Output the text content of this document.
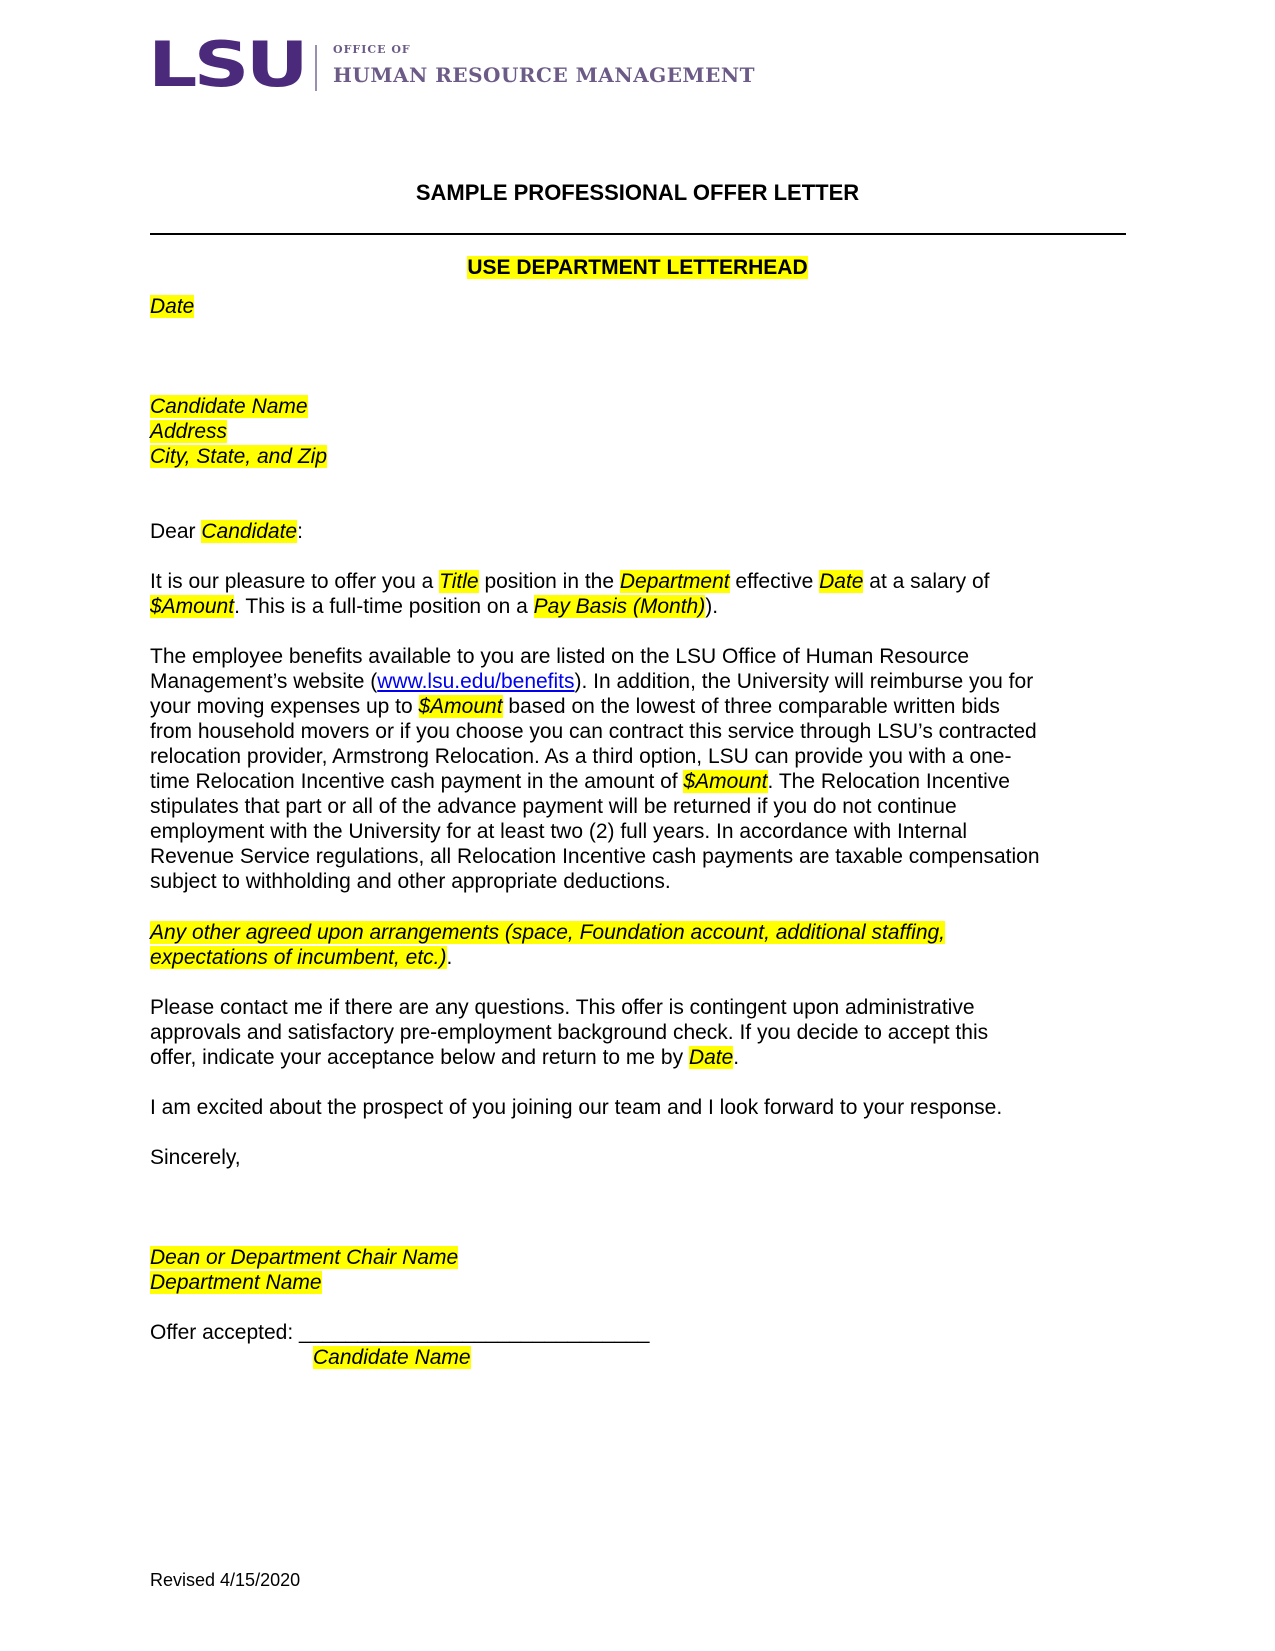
LSU	OFFICE OF
HUMAN RESOURCE MANAGEMENT
SAMPLE PROFESSIONAL OFFER LETTER
USE DEPARTMENT LETTERHEAD
Date
Candidate Name
Address
City, State, and Zip
Dear Candidate:
It is our pleasure to offer you a Title position in the Department effective Date at a salary of
$Amount. This is a full-time position on a Pay Basis (Month)).
The employee benefits available to you are listed on the LSU Office of Human Resource
Management’s website (www.lsu.edu/benefits). In addition, the University will reimburse you for
your moving expenses up to $Amount based on the lowest of three comparable written bids
from household movers or if you choose you can contract this service through LSU’s contracted
relocation provider, Armstrong Relocation. As a third option, LSU can provide you with a one-
time Relocation Incentive cash payment in the amount of $Amount. The Relocation Incentive
stipulates that part or all of the advance payment will be returned if you do not continue
employment with the University for at least two (2) full years. In accordance with Internal
Revenue Service regulations, all Relocation Incentive cash payments are taxable compensation
subject to withholding and other appropriate deductions.
Any other agreed upon arrangements (space, Foundation account, additional staffing,
expectations of incumbent, etc.).
Please contact me if there are any questions. This offer is contingent upon administrative
approvals and satisfactory pre-employment background check. If you decide to accept this
offer, indicate your acceptance below and return to me by Date.
I am excited about the prospect of you joining our team and I look forward to your response.
Sincerely,
Dean or Department Chair Name
Department Name
Offer accepted: ______________________________
Candidate Name
Revised 4/15/2020
